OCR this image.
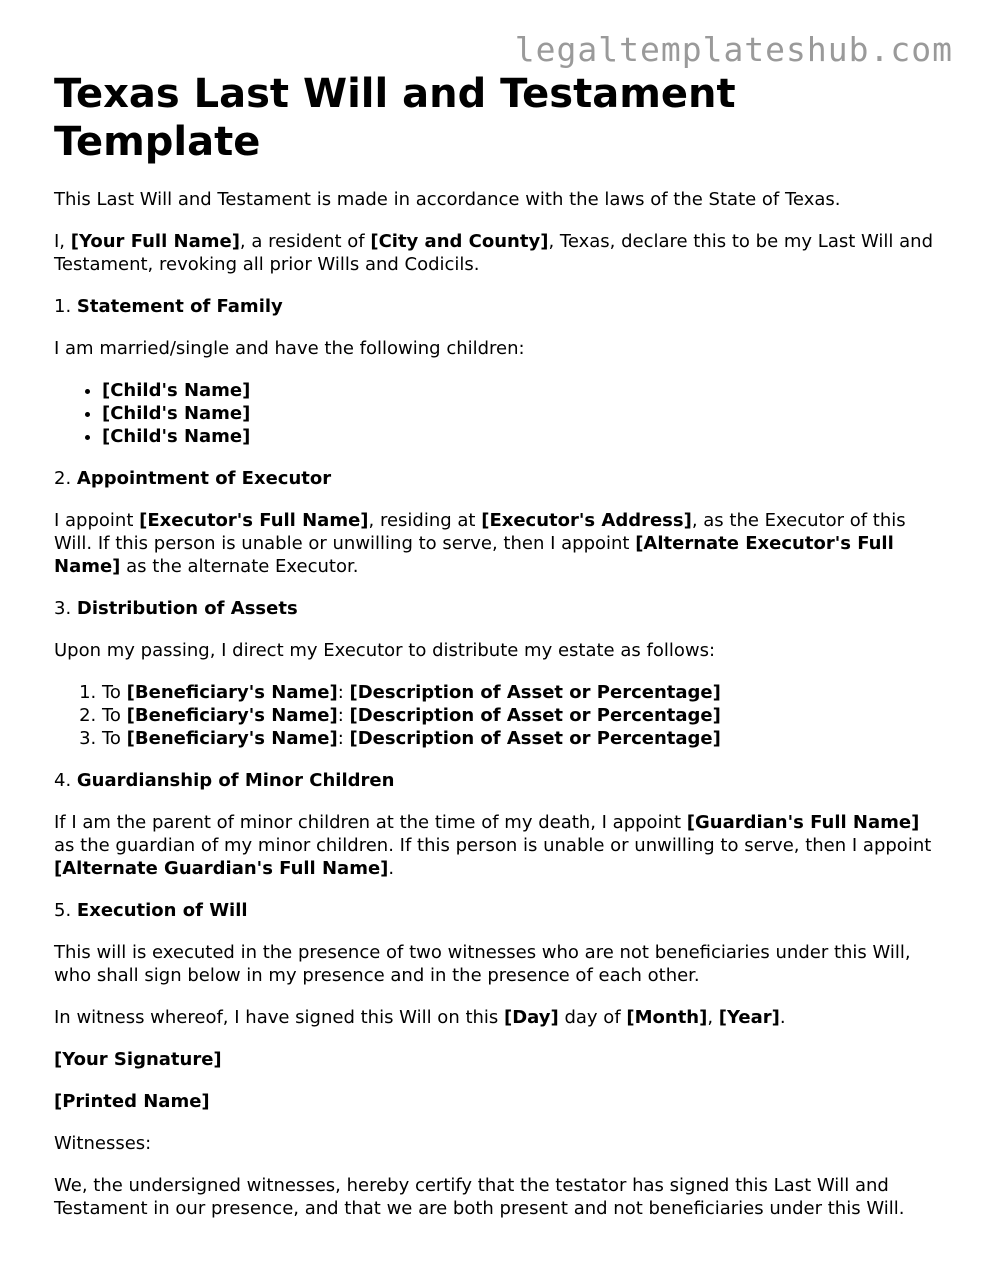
legaltemplateshub.com
Texas Last Will and Testament Template

This Last Will and Testament is made in accordance with the laws of the State of Texas.

I, [Your Full Name], a resident of [City and County], Texas, declare this to be my Last Will and Testament, revoking all prior Wills and Codicils.

1. Statement of Family

I am married/single and have the following children:

• [Child's Name]
• [Child's Name]
• [Child's Name]

2. Appointment of Executor

I appoint [Executor's Full Name], residing at [Executor's Address], as the Executor of this Will. If this person is unable or unwilling to serve, then I appoint [Alternate Executor's Full Name] as the alternate Executor.

3. Distribution of Assets

Upon my passing, I direct my Executor to distribute my estate as follows:

1. To [Beneficiary's Name]: [Description of Asset or Percentage]
2. To [Beneficiary's Name]: [Description of Asset or Percentage]
3. To [Beneficiary's Name]: [Description of Asset or Percentage]

4. Guardianship of Minor Children

If I am the parent of minor children at the time of my death, I appoint [Guardian's Full Name] as the guardian of my minor children. If this person is unable or unwilling to serve, then I appoint [Alternate Guardian's Full Name].

5. Execution of Will

This will is executed in the presence of two witnesses who are not beneficiaries under this Will, who shall sign below in my presence and in the presence of each other.

In witness whereof, I have signed this Will on this [Day] day of [Month], [Year].

[Your Signature]

[Printed Name]

Witnesses:

We, the undersigned witnesses, hereby certify that the testator has signed this Last Will and Testament in our presence, and that we are both present and not beneficiaries under this Will.
